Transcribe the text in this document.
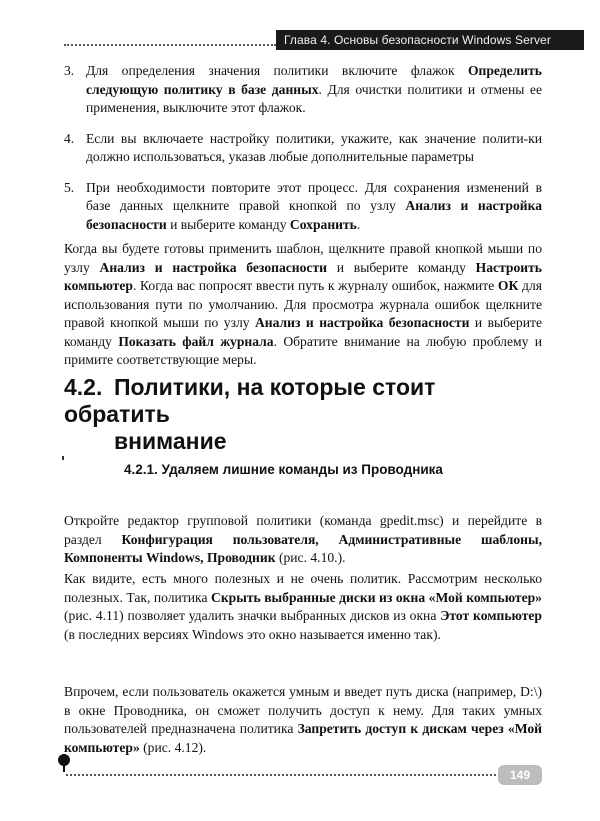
Глава 4. Основы безопасности Windows Server
3. Для определения значения политики включите флажок Определить следующую политику в базе данных. Для очистки политики и отмены ее применения, выключите этот флажок.
4. Если вы включаете настройку политики, укажите, как значение полити-ки должно использоваться, указав любые дополнительные параметры
5. При необходимости повторите этот процесс. Для сохранения изменений в базе данных щелкните правой кнопкой по узлу Анализ и настройка безопасности и выберите команду Сохранить.

Когда вы будете готовы применить шаблон, щелкните правой кнопкой мыши по узлу Анализ и настройка безопасности и выберите команду Настроить компьютер. Когда вас попросят ввести путь к журналу ошибок, нажмите ОК для использования пути по умолчанию. Для просмотра журнала ошибок щелкните правой кнопкой мыши по узлу Анализ и настройка безопасности и выберите команду Показать файл журнала. Обратите внимание на любую проблему и примите соответствующие меры.

4.2. Политики, на которые стоит обратить
внимание
4.2.1. Удаляем лишние команды из Проводника

Откройте редактор групповой политики (команда gpedit.msc) и перейдите в раздел Конфигурация пользователя, Административные шаблоны, Компоненты Windows, Проводник (рис. 4.10.).

Как видите, есть много полезных и не очень политик. Рассмотрим несколько полезных. Так, политика Скрыть выбранные диски из окна «Мой компьютер» (рис. 4.11) позволяет удалить значки выбранных дисков из окна Этот компьютер (в последних версиях Windows это окно называется именно так).

Впрочем, если пользователь окажется умным и введет путь диска (например, D:\) в окне Проводника, он сможет получить доступ к нему. Для таких умных пользователей предназначена политика Запретить доступ к дискам через «Мой компьютер» (рис. 4.12).

149
